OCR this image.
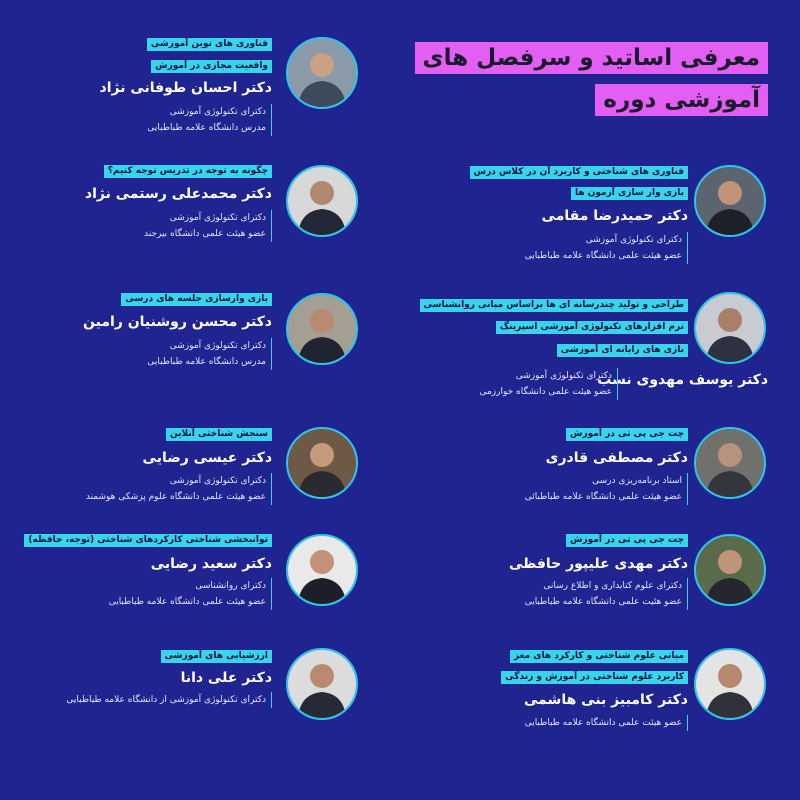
معرفی اساتید و سرفصل های
آموزشی دوره
فناوری های نوین آموزشی
واقعیت مجازی در آموزش
دکتر احسان طوفانی نژاد
دکترای تکنولوژی آموزشی
مدرس دانشگاه علامه طباطبایی
چگونه به توجه در تدریس توجه کنیم؟
دکتر محمدعلی رستمی نژاد
دکترای تکنولوژی آموزشی
عضو هیئت علمی دانشگاه بیرجند
بازی وارسازی جلسه های درسی
دکتر محسن روشنیان رامین
دکترای تکنولوژی آموزشی
مدرس دانشگاه علامه طباطبایی
سنجش شناختی آنلاین
دکتر عیسی رضایی
دکترای تکنولوژی آموزشی
عضو هیئت علمی دانشگاه علوم پزشکی هوشمند
توانبخشی شناختی کارکردهای شناختی (توجه، حافظه)
دکتر سعید رضایی
دکترای روانشناسی
عضو هیئت علمی دانشگاه علامه طباطبایی
ارزشیابی های آموزشی
دکتر علی دانا
دکترای تکنولوژی آموزشی از دانشگاه علامه طباطبایی
فناوری های شناختی و کاربرد آن در کلاس درس
بازی وار سازی آزمون ها
دکتر حمیدرضا مقامی
دکترای تکنولوژی آموزشی
عضو هیئت علمی دانشگاه علامه طباطبایی
طراحی و تولید چندرسانه ای ها براساس مبانی روانشناسی
نرم افزارهای تکنولوژی آموزشی اسپرینگ
بازی های رایانه ای آموزشی
دکتر یوسف مهدوی نسب
دکترای تکنولوژی آموزشی
عضو هیئت علمی دانشگاه خوارزمی
چت جی پی تی در آموزش
دکتر مصطفی قادری
استاد برنامه‌ریزی درسی
عضو هیئت علمی دانشگاه علامه طباطبائی
چت جی پی تی در آموزش
دکتر مهدی علیپور حافظی
دکترای علوم کتابداری و اطلاع رسانی
عضو هئیت علمی دانشگاه علامه طباطبایی
مبانی علوم شناختی و کارکرد های مغز
کاربرد علوم شناختی در آموزش و زندگی
دکتر کامبیز بنی هاشمی
عضو هیئت علمی دانشگاه علامه طباطبایی
